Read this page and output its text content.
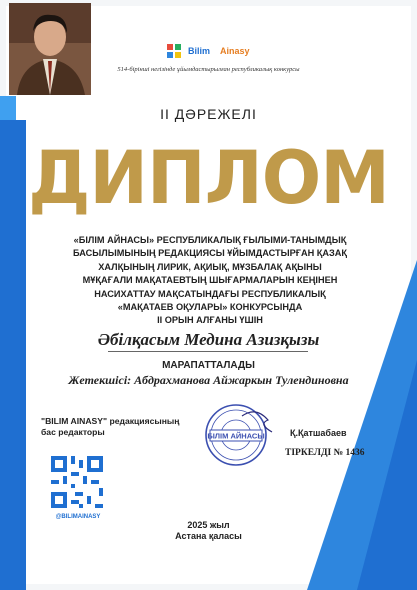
Bilim Ainasy
514-бірінші негізінде ұйымдастырылған республикалық конкурсы
ІІ ДӘРЕЖЕЛІ
ДИПЛОМ
«БІЛІМ АЙНАСЫ» РЕСПУБЛИКАЛЫҚ ҒЫЛЫМИ-ТАНЫМДЫҚ
БАСЫЛЫМЫНЫҢ РЕДАКЦИЯСЫ ҰЙЫМДАСТЫРҒАН ҚАЗАҚ
ХАЛҚЫНЫҢ ЛИРИК, АҚИЫҚ, МҰЗБАЛАҚ АҚЫНЫ
МҰҚАҒАЛИ МАҚАТАЕВТЫҢ ШЫҒАРМАЛАРЫН КЕҢІНЕН
НАСИХАТТАУ МАҚСАТЫНДАҒЫ РЕСПУБЛИКАЛЫҚ
«МАҚАТАЕВ ОҚУЛАРЫ» КОНКУРСЫНДА
ІІ ОРЫН АЛҒАНЫ ҮШІН
Әбілқасым Медина Азизқызы
МАРАПАТТАЛАДЫ
Жетекшісі: Абдрахманова Айжаркын Тулендиновна
"BILIM AINASY" редакциясының
бас редакторы	БІЛІМ АЙНАСЫ	Қ.Қатшабаев
ТІРКЕЛДІ № 1436
@BILIMAINASY
2025 жыл
Астана қаласы
